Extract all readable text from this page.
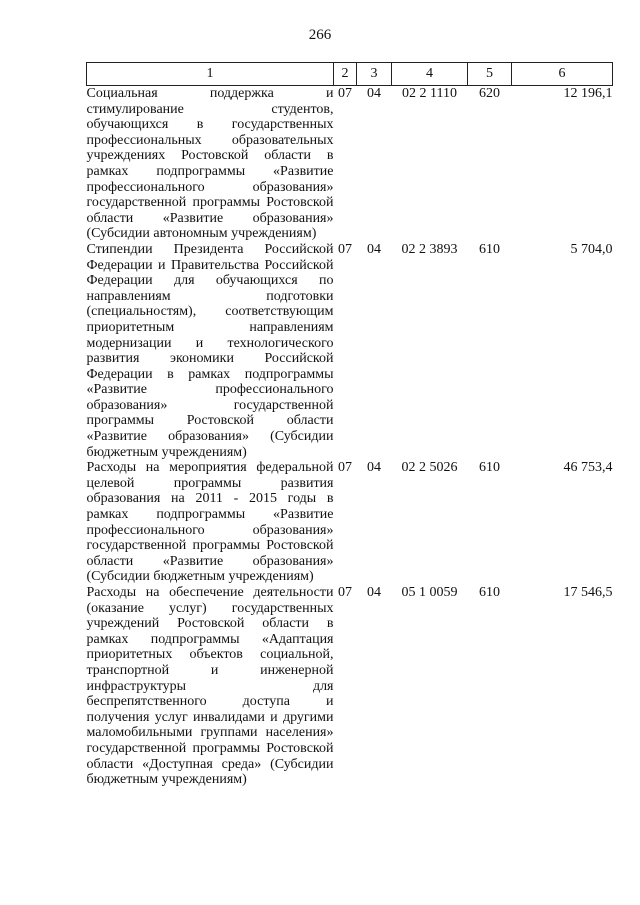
266
1	2	3	4	5	6
Социальная поддержка и стимулирование студентов, обучающихся в государственных профессиональных образовательных учреждениях Ростовской области в рамках подпрограммы «Развитие профессионального образования» государственной программы Ростовской области «Развитие образования» (Субсидии автономным учреждениям)	07	04	02 2 1110	620	12 196,1
Стипендии Президента Российской Федерации и Правительства Российской Федерации для обучающихся по направлениям подготовки (специальностям), соответствующим приоритетным направлениям модернизации и технологического развития экономики Российской Федерации в рамках подпрограммы «Развитие профессионального образования» государственной программы Ростовской области «Развитие образования» (Субсидии бюджетным учреждениям)	07	04	02 2 3893	610	5 704,0
Расходы на мероприятия федеральной целевой программы развития образования на 2011 - 2015 годы в рамках подпрограммы «Развитие профессионального образования» государственной программы Ростовской области «Развитие образования» (Субсидии бюджетным учреждениям)	07	04	02 2 5026	610	46 753,4
Расходы на обеспечение деятельности (оказание услуг) государственных учреждений Ростовской области в рамках подпрограммы «Адаптация приоритетных объектов социальной, транспортной и инженерной инфраструктуры для беспрепятственного доступа и получения услуг инвалидами и другими маломобильными группами населения» государственной программы Ростовской области «Доступная среда» (Субсидии бюджетным учреждениям)	07	04	05 1 0059	610	17 546,5
